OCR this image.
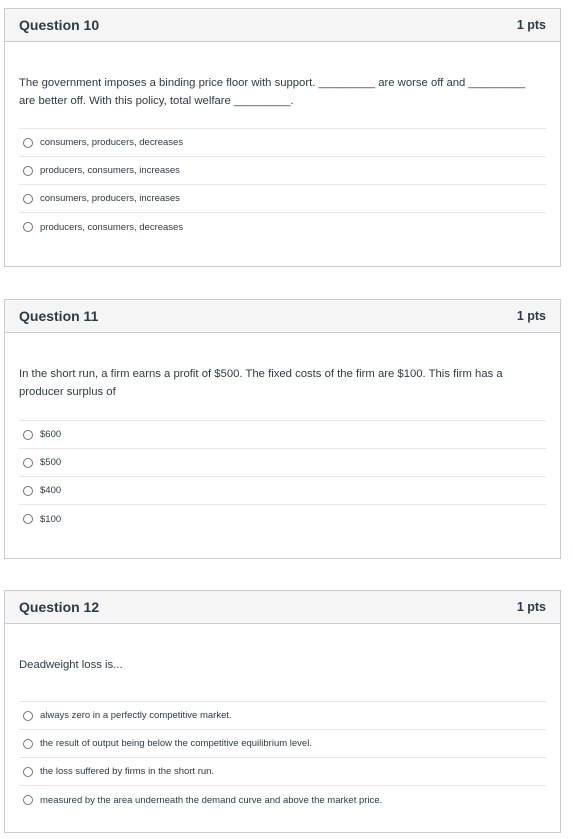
Question 10	1 pts
The government imposes a binding price floor with support. _________ are worse off and _________
are better off. With this policy, total welfare _________.
consumers, producers, decreases
producers, consumers, increases
consumers, producers, increases
producers, consumers, decreases
Question 11	1 pts
In the short run, a firm earns a profit of $500. The fixed costs of the firm are $100. This firm has a
producer surplus of
$600
$500
$400
$100
Question 12	1 pts
Deadweight loss is...
always zero in a perfectly competitive market.
the result of output being below the competitive equilibrium level.
the loss suffered by firms in the short run.
measured by the area underneath the demand curve and above the market price.
